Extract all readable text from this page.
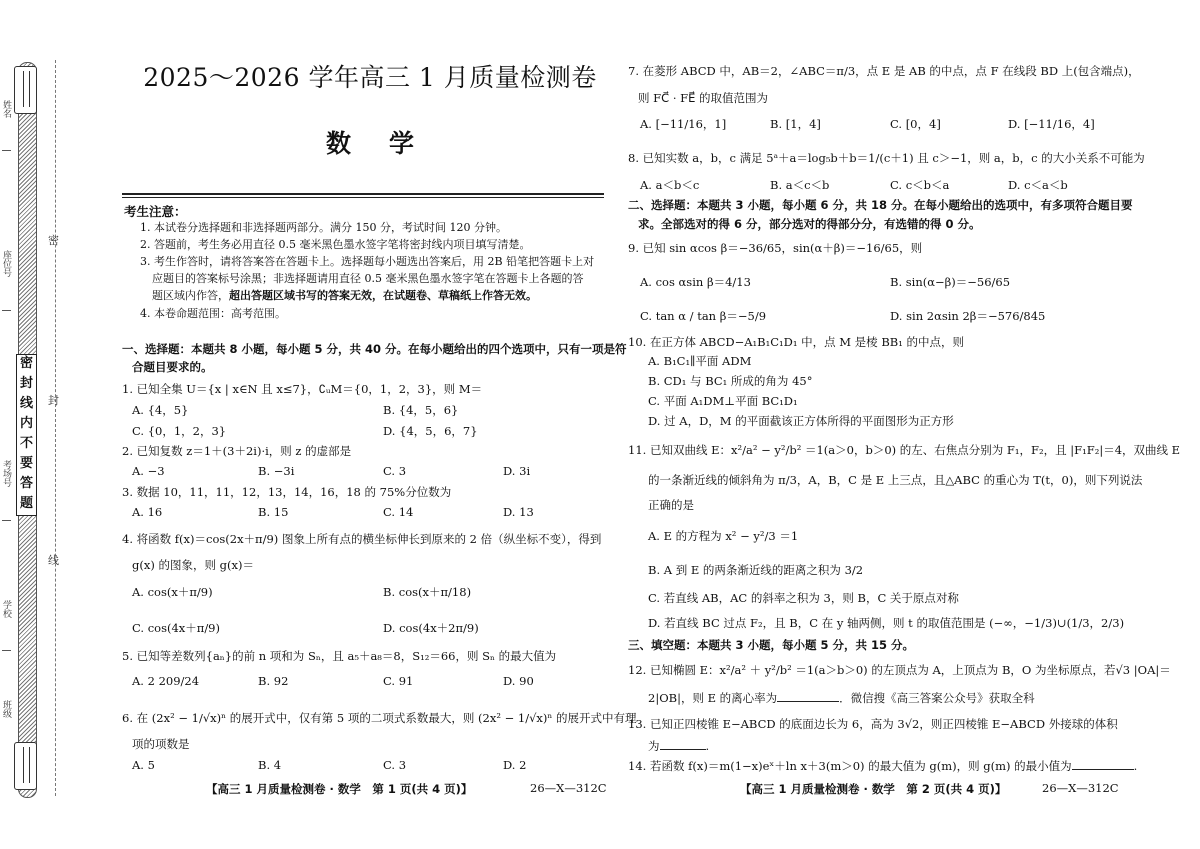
密
封
线
内
不
要
答
题
密
封
线
姓名
座位号
考场号
学校
班级
2025～2026 学年高三 1 月质量检测卷
数学
考生注意：
1. 本试卷分选择题和非选择题两部分。满分 150 分，考试时间 120 分钟。
2. 答题前，考生务必用直径 0.5 毫米黑色墨水签字笔将密封线内项目填写清楚。
3. 考生作答时，请将答案答在答题卡上。选择题每小题选出答案后，用 2B 铅笔把答题卡上对
应题目的答案标号涂黑；非选择题请用直径 0.5 毫米黑色墨水签字笔在答题卡上各题的答
题区域内作答，超出答题区域书写的答案无效，在试题卷、草稿纸上作答无效。
4. 本卷命题范围：高考范围。
一、选择题：本题共 8 小题，每小题 5 分，共 40 分。在每小题给出的四个选项中，只有一项是符
合题目要求的。
1. 已知全集 U＝{x | x∈N 且 x≤7}，∁ᵤM＝{0，1，2，3}，则 M＝
A. {4，5}	B. {4，5，6}
C. {0，1，2，3}	D. {4，5，6，7}
2. 已知复数 z＝1＋(3＋2i)·i，则 z 的虚部是
A. −3	B. −3i	C. 3	D. 3i
3. 数据 10，11，11，12，13，14，16，18 的 75%分位数为
A. 16	B. 15	C. 14	D. 13
4. 将函数 f(x)＝cos(2x＋π/9) 图象上所有点的横坐标伸长到原来的 2 倍（纵坐标不变），得到
g(x) 的图象，则 g(x)＝
A. cos(x＋π/9)	B. cos(x＋π/18)
C. cos(4x＋π/9)	D. cos(4x＋2π/9)
5. 已知等差数列{aₙ}的前 n 项和为 Sₙ，且 a₅＋a₈＝8，S₁₂＝66，则 Sₙ 的最大值为
A. 2 209/24	B. 92	C. 91	D. 90
6. 在 (2x² − 1/√x)ⁿ 的展开式中，仅有第 5 项的二项式系数最大，则 (2x² − 1/√x)ⁿ 的展开式中有理
项的项数是
A. 5	B. 4	C. 3	D. 2
【高三 1 月质量检测卷 · 数学　第 1 页(共 4 页)】	26—X—312C
7. 在菱形 ABCD 中，AB＝2，∠ABC＝π/3，点 E 是 AB 的中点，点 F 在线段 BD 上(包含端点)，
则 FC⃗ · FE⃗ 的取值范围为
A. [−11/16，1]	B. [1，4]	C. [0，4]	D. [−11/16，4]
8. 已知实数 a，b，c 满足 5ᵃ＋a＝log₅b＋b＝1/(c＋1) 且 c＞−1，则 a，b，c 的大小关系不可能为
A. a＜b＜c	B. a＜c＜b	C. c＜b＜a	D. c＜a＜b
二、选择题：本题共 3 小题，每小题 6 分，共 18 分。在每小题给出的选项中，有多项符合题目要
求。全部选对的得 6 分，部分选对的得部分分，有选错的得 0 分。
9. 已知 sin αcos β＝−36/65，sin(α＋β)＝−16/65，则
A. cos αsin β＝4/13	B. sin(α−β)＝−56/65
C. tan α / tan β＝−5/9	D. sin 2αsin 2β＝−576/845
10. 在正方体 ABCD−A₁B₁C₁D₁ 中，点 M 是棱 BB₁ 的中点，则
A. B₁C₁∥平面 ADM
B. CD₁ 与 BC₁ 所成的角为 45°
C. 平面 A₁DM⊥平面 BC₁D₁
D. 过 A，D，M 的平面截该正方体所得的平面图形为正方形
11. 已知双曲线 E：x²/a² − y²/b² ＝1(a＞0，b＞0) 的左、右焦点分别为 F₁，F₂，且 |F₁F₂|＝4，双曲线 E
的一条渐近线的倾斜角为 π/3，A，B，C 是 E 上三点，且△ABC 的重心为 T(t，0)，则下列说法
正确的是
A. E 的方程为 x² − y²/3 ＝1
B. A 到 E 的两条渐近线的距离之积为 3/2
C. 若直线 AB，AC 的斜率之积为 3，则 B，C 关于原点对称
D. 若直线 BC 过点 F₂，且 B，C 在 y 轴两侧，则 t 的取值范围是 (−∞，−1/3)∪(1/3，2/3)
三、填空题：本题共 3 小题，每小题 5 分，共 15 分。
12. 已知椭圆 E：x²/a² ＋ y²/b² ＝1(a＞b＞0) 的左顶点为 A，上顶点为 B，O 为坐标原点，若√3 |OA|＝
2|OB|，则 E 的离心率为	．微信搜《高三答案公众号》获取全科
13. 已知正四棱锥 E−ABCD 的底面边长为 6，高为 3√2，则正四棱锥 E−ABCD 外接球的体积
为	.
14. 若函数 f(x)＝m(1−x)eˣ＋ln x＋3(m＞0) 的最大值为 g(m)，则 g(m) 的最小值为	.
【高三 1 月质量检测卷 · 数学　第 2 页(共 4 页)】	26—X—312C
